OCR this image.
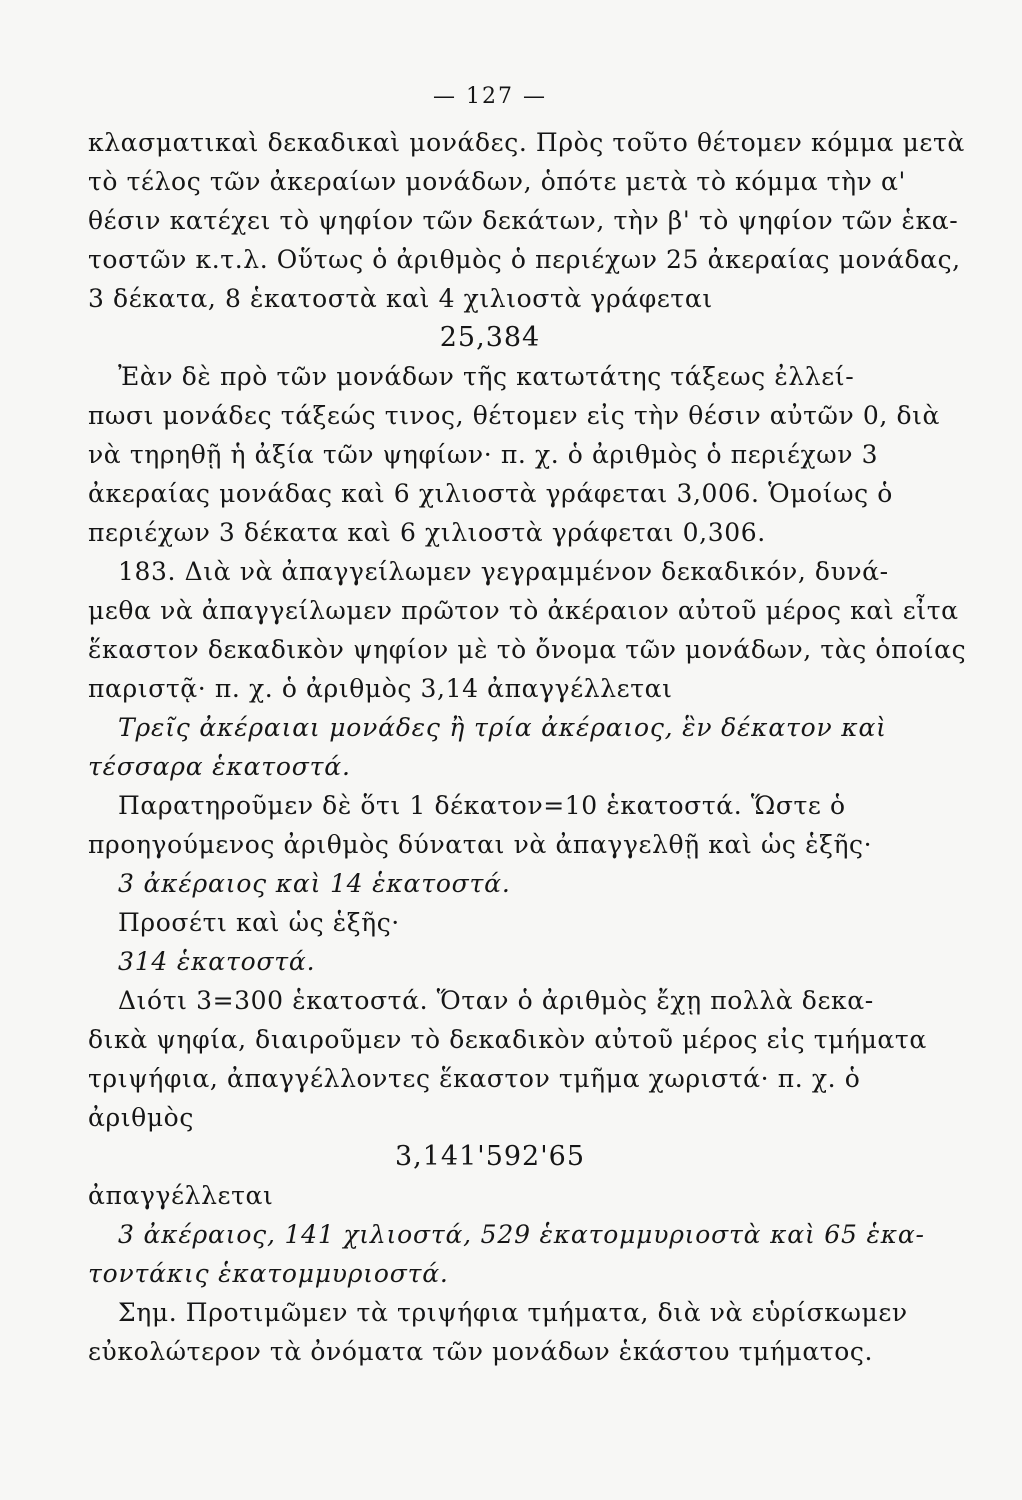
— 127 —
κλασματικαὶ δεκαδικαὶ μονάδες. Πρὸς τοῦτο θέτομεν κόμμα μετὰ
τὸ τέλος τῶν ἀκεραίων μονάδων, ὁπότε μετὰ τὸ κόμμα τὴν α'
θέσιν κατέχει τὸ ψηφίον τῶν δεκάτων, τὴν β' τὸ ψηφίον τῶν ἑκα-
τοστῶν κ.τ.λ. Οὕτως ὁ ἀριθμὸς ὁ περιέχων 25 ἀκεραίας μονάδας,
3 δέκατα, 8 ἑκατοστὰ καὶ 4 χιλιοστὰ γράφεται
25,384
Ἐὰν δὲ πρὸ τῶν μονάδων τῆς κατωτάτης τάξεως ἐλλεί-
πωσι μονάδες τάξεώς τινος, θέτομεν εἰς τὴν θέσιν αὐτῶν 0, διὰ
νὰ τηρηθῇ ἡ ἀξία τῶν ψηφίων· π. χ. ὁ ἀριθμὸς ὁ περιέχων 3
ἀκεραίας μονάδας καὶ 6 χιλιοστὰ γράφεται 3,006. Ὁμοίως ὁ
περιέχων 3 δέκατα καὶ 6 χιλιοστὰ γράφεται 0,306.
183. Διὰ νὰ ἀπαγγείλωμεν γεγραμμένον δεκαδικόν, δυνά-
μεθα νὰ ἀπαγγείλωμεν πρῶτον τὸ ἀκέραιον αὐτοῦ μέρος καὶ εἶτα
ἕκαστον δεκαδικὸν ψηφίον μὲ τὸ ὄνομα τῶν μονάδων, τὰς ὁποίας
παριστᾷ· π. χ. ὁ ἀριθμὸς 3,14 ἀπαγγέλλεται
Τρεῖς ἀκέραιαι μονάδες ἢ τρία ἀκέραιος, ἓν δέκατον καὶ
τέσσαρα ἑκατοστά.
Παρατηροῦμεν δὲ ὅτι 1 δέκατον=10 ἑκατοστά. Ὥστε ὁ
προηγούμενος ἀριθμὸς δύναται νὰ ἀπαγγελθῇ καὶ ὡς ἑξῆς·
3 ἀκέραιος καὶ 14 ἑκατοστά.
Προσέτι καὶ ὡς ἑξῆς·
314 ἑκατοστά.
Διότι 3=300 ἑκατοστά. Ὅταν ὁ ἀριθμὸς ἔχῃ πολλὰ δεκα-
δικὰ ψηφία, διαιροῦμεν τὸ δεκαδικὸν αὐτοῦ μέρος εἰς τμήματα
τριψήφια, ἀπαγγέλλοντες ἕκαστον τμῆμα χωριστά· π. χ. ὁ
ἀριθμὸς
3,141'592'65
ἀπαγγέλλεται
3 ἀκέραιος, 141 χιλιοστά, 529 ἑκατομμυριοστὰ καὶ 65 ἑκα-
τοντάκις ἑκατομμυριοστά.
Σημ. Προτιμῶμεν τὰ τριψήφια τμήματα, διὰ νὰ εὑρίσκωμεν
εὐκολώτερον τὰ ὀνόματα τῶν μονάδων ἑκάστου τμήματος.
